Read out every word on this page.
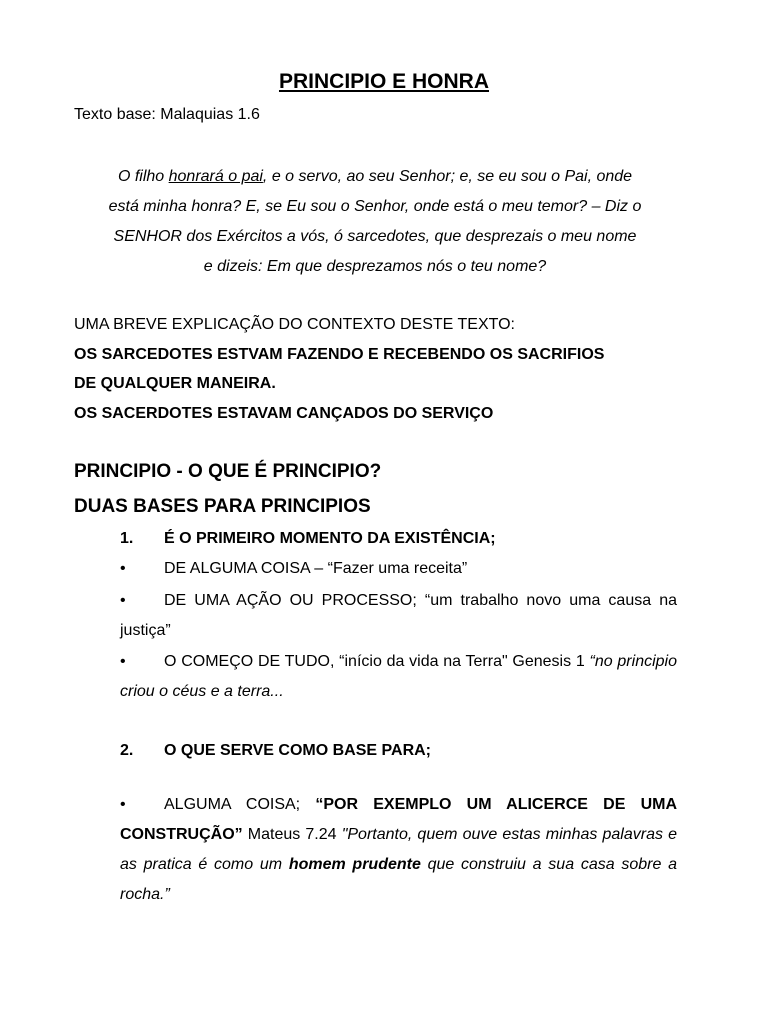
PRINCIPIO E HONRA

Texto base: Malaquias 1.6

O filho honrará o pai, e o servo, ao seu Senhor; e, se eu sou o Pai, onde
está minha honra? E, se Eu sou o Senhor, onde está o meu temor? – Diz o
SENHOR dos Exércitos a vós, ó sarcedotes, que desprezais o meu nome
e dizeis: Em que desprezamos nós o teu nome?

UMA BREVE EXPLICAÇÃO DO CONTEXTO DESTE TEXTO:

OS SARCEDOTES ESTVAM FAZENDO E RECEBENDO OS SACRIFIOS

DE QUALQUER MANEIRA.

OS SACERDOTES ESTAVAM CANÇADOS DO SERVIÇO

PRINCIPIO - O QUE É PRINCIPIO?
DUAS BASES PARA PRINCIPIOS

1. É O PRIMEIRO MOMENTO DA EXISTÊNCIA;

• DE ALGUMA COISA – “Fazer uma receita”

• DE UMA AÇÃO OU PROCESSO; “um trabalho novo uma causa na justiça”

• O COMEÇO DE TUDO, “início da vida na Terra" Genesis 1 “no principio criou o céus e a terra...

2. O QUE SERVE COMO BASE PARA;

• ALGUMA COISA; “POR EXEMPLO UM ALICERCE DE UMA CONSTRUÇÃO” Mateus 7.24 "Portanto, quem ouve estas minhas palavras e as pratica é como um homem prudente que construiu a sua casa sobre a rocha.”
